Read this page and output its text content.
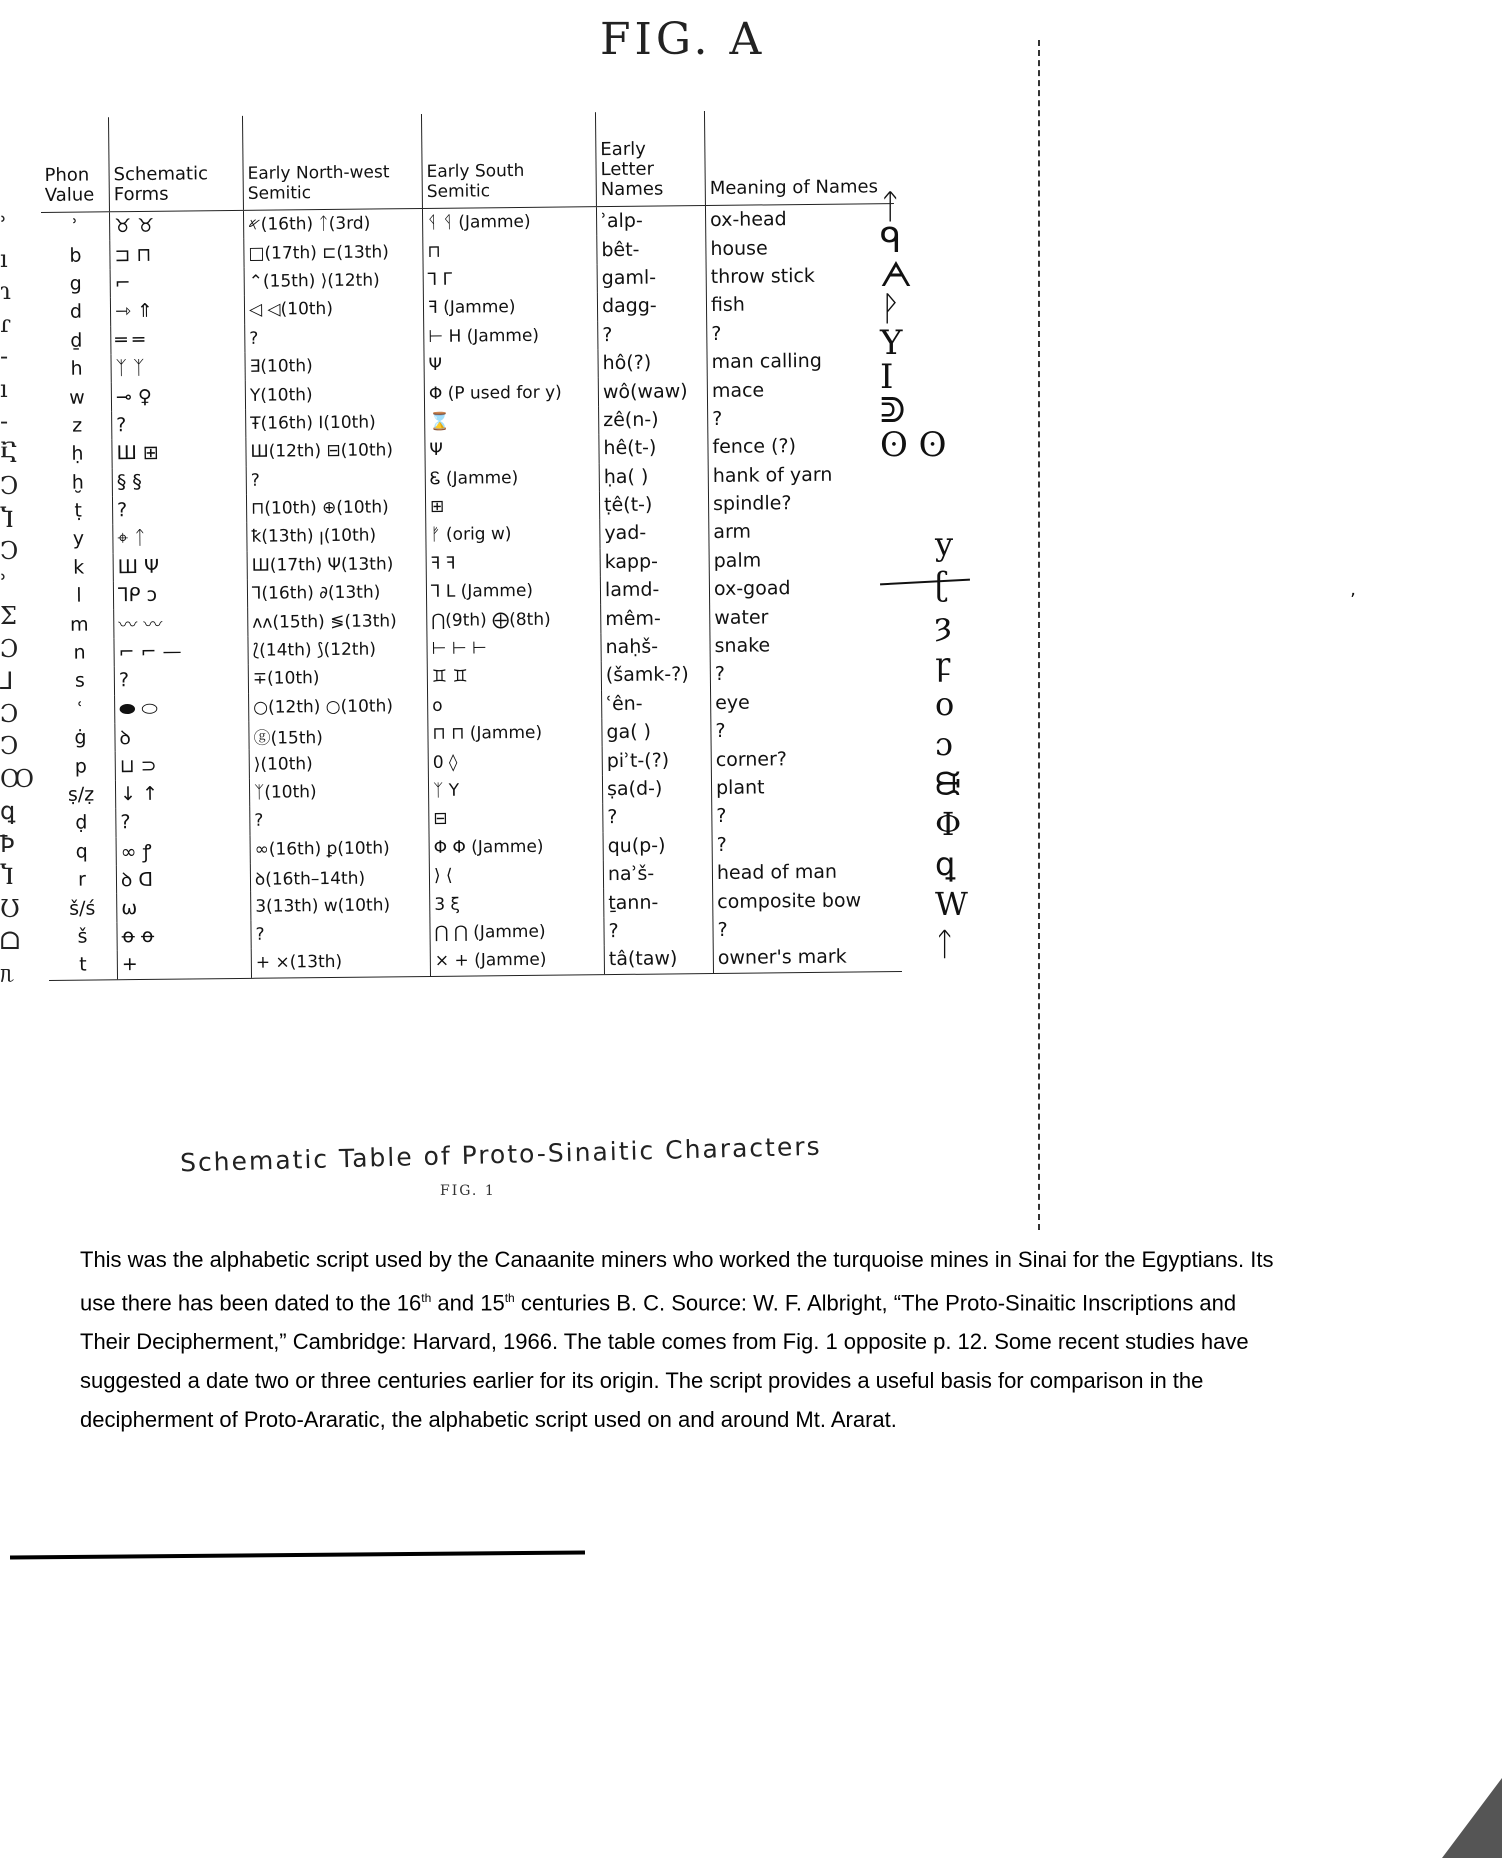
FIG. A
ʾ
ı
ɿ
ɾ
-
ı
-
Ⴀ
Ↄ
Ⴈ
Ↄ
ʾ
Ʃ
Ɔ
⅃
Ɔ
Ↄ
Ꝏ
ꝗ
Ꝥ
Ⴈ
Ʊ
ᗝ
ᥰ
ᛏ
ᑫ
ᗅ
ᚹ
Y
I
ᕲ
ʘ ʘ
y
ʗ
ȝ
ꝼ
o
ɔ
ᙠ
Φ
ꝗ
W
ᛏ
ʼ
Phon Value	Schematic Forms	Early North-west Semitic	Early South Semitic	Early Letter Names	Meaning of Names
ʾ	♉ ♉	𐤀(16th) ᛏ(3rd)	ᛩ ᛩ (Jamme)	ʾalp-	ox-head
b	⊐ ⊓	□(17th) ⊏(13th)	⊓	bêt-	house
g	⌐	⌃(15th) ⟩(12th)	⅂ Γ	gaml-	throw stick
d	⇾ ⇑	◁ ◁(10th)	ꟻ (Jamme)	dagg-	fish
ḏ	═ ═	?	⊢ H (Jamme)	?	?
h	ᛉ ᛉ	∃(10th)	Ψ	hô(?)	man calling
w	⊸ ♀	Y(10th)	Φ (P used for y)	wô(waw)	mace
z	?	Ŧ(16th) I(10th)	⌛	zê(n-)	?
ḥ	Ш ⊞	Ш(12th) ⊟(10th)	Ψ	hê(t-)	fence (?)
ḫ	§ §	?	Ꮛ (Jamme)	ḥa( )	hank of yarn
ṭ	?	⊓(10th) ⊕(10th)	⊞	ṭê(t-)	spindle?
y	⌖ ᛏ	ꝁ(13th) ꞁ(10th)	ᚠ (orig w)	yad-	arm
k	Ш Ψ	Ш(17th) Ψ(13th)	ꟻ ꟻ	kapp-	palm
l	⅂ᑭ ↄ	⅂(16th) ∂(13th)	⅂ L (Jamme)	lamd-	ox-goad
m	〰 〰	ᴧᴧ(15th) ≶(13th)	⋂(9th) ⨁(8th)	mêm-	water
n	⌐ ⌐ —	⟅(14th) ⟆(12th)	⊢ ⊢ ⊢	naḥš-	snake
s	?	∓(10th)	♊ ♊	(šamk-?)	?
ʿ	⬬ ⬭	○(12th) ○(10th)	o	ʿên-	eye
ġ	ꝺ	ⓖ(15th)	⊓ ⊓ (Jamme)	ga( )	?
p	⊔ ⊃	⟩(10th)	0 ◊	piʾt-(?)	corner?
ṣ/ẓ	↓ ↑	ᛉ(10th)	ᛉ Y	ṣa(d-)	plant
ḍ	?	?	⊟	?	?
q	∞ ꝭ	∞(16th) ꝑ(10th)	Φ Φ (Jamme)	qu(p-)	?
r	ꝺ ᗡ	ꝺ(16th–14th)	⟩ ⟨	naʾš-	head of man
š/ś	ω	3(13th) w(10th)	3 ξ	ṯann-	composite bow
š	ꝋ ꝋ	?	⋂ ⋂ (Jamme)	?	?
t	+	+ ×(13th)	× + (Jamme)	tâ(taw)	owner's mark
Schematic Table of Proto-Sinaitic Characters
FIG. 1

This was the alphabetic script used by the Canaanite miners who worked the turquoise mines in Sinai for the Egyptians. Its use there has been dated to the 16th and 15th centuries B. C. Source: W. F. Albright, “The Proto-Sinaitic Inscriptions and Their Decipherment,” Cambridge: Harvard, 1966. The table comes from Fig. 1 opposite p. 12. Some recent studies have suggested a date two or three centuries earlier for its origin. The script provides a useful basis for comparison in the decipherment of Proto-Araratic, the alphabetic script used on and around Mt. Ararat.
